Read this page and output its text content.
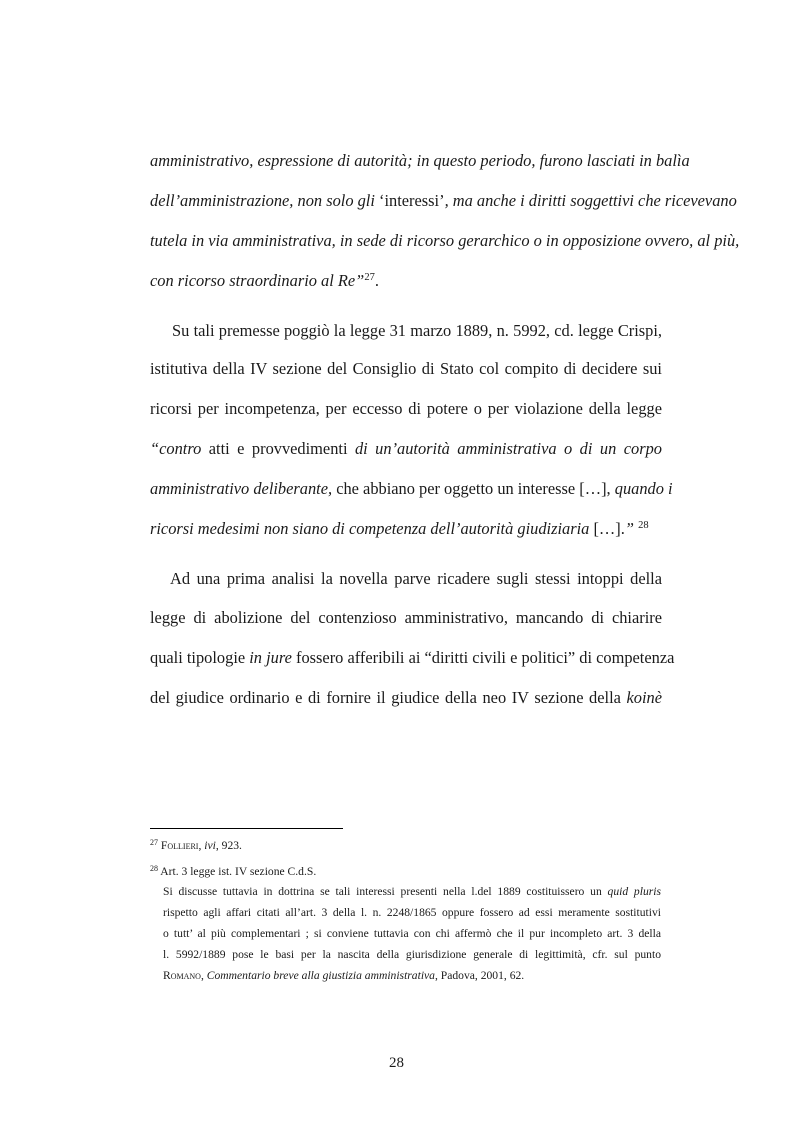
amministrativo, espressione di autorità; in questo periodo, furono lasciati in balìa
dell’amministrazione, non solo gli ‘interessi’, ma anche i diritti soggettivi che ricevevano
tutela in via amministrativa, in sede di ricorso gerarchico o in opposizione ovvero, al più,
con ricorso straordinario al Re”$^{27}$.
Su tali premesse poggiò la legge 31 marzo 1889, n. 5992, cd. legge Crispi,
istitutiva della IV sezione del Consiglio di Stato col compito di decidere sui
ricorsi per incompetenza, per eccesso di potere o per violazione della legge
“contro atti e provvedimenti di un’autorità amministrativa o di un corpo
amministrativo deliberante, che abbiano per oggetto un interesse […], quando i
ricorsi medesimi non siano di competenza dell’autorità giudiziaria […].” $^{28}$
Ad una prima analisi la novella parve ricadere sugli stessi intoppi della
legge di abolizione del contenzioso amministrativo, mancando di chiarire
quali tipologie in jure fossero afferibili ai “diritti civili e politici” di competenza
del giudice ordinario e di fornire il giudice della neo IV sezione della koinè
$^{27}$ Follieri, ivi, 923.
$^{28}$ Art. 3 legge ist. IV sezione C.d.S.
Si discusse tuttavia in dottrina se tali interessi presenti nella l.del 1889 costituissero un quid pluris
rispetto agli affari citati all’art. 3 della l. n. 2248/1865 oppure fossero ad essi meramente sostitutivi
o tutt’ al più complementari ; si conviene tuttavia con chi affermò che il pur incompleto art. 3 della
l. 5992/1889 pose le basi per la nascita della giurisdizione generale di legittimità, cfr. sul punto
Romano, Commentario breve alla giustizia amministrativa, Padova, 2001, 62.
28
